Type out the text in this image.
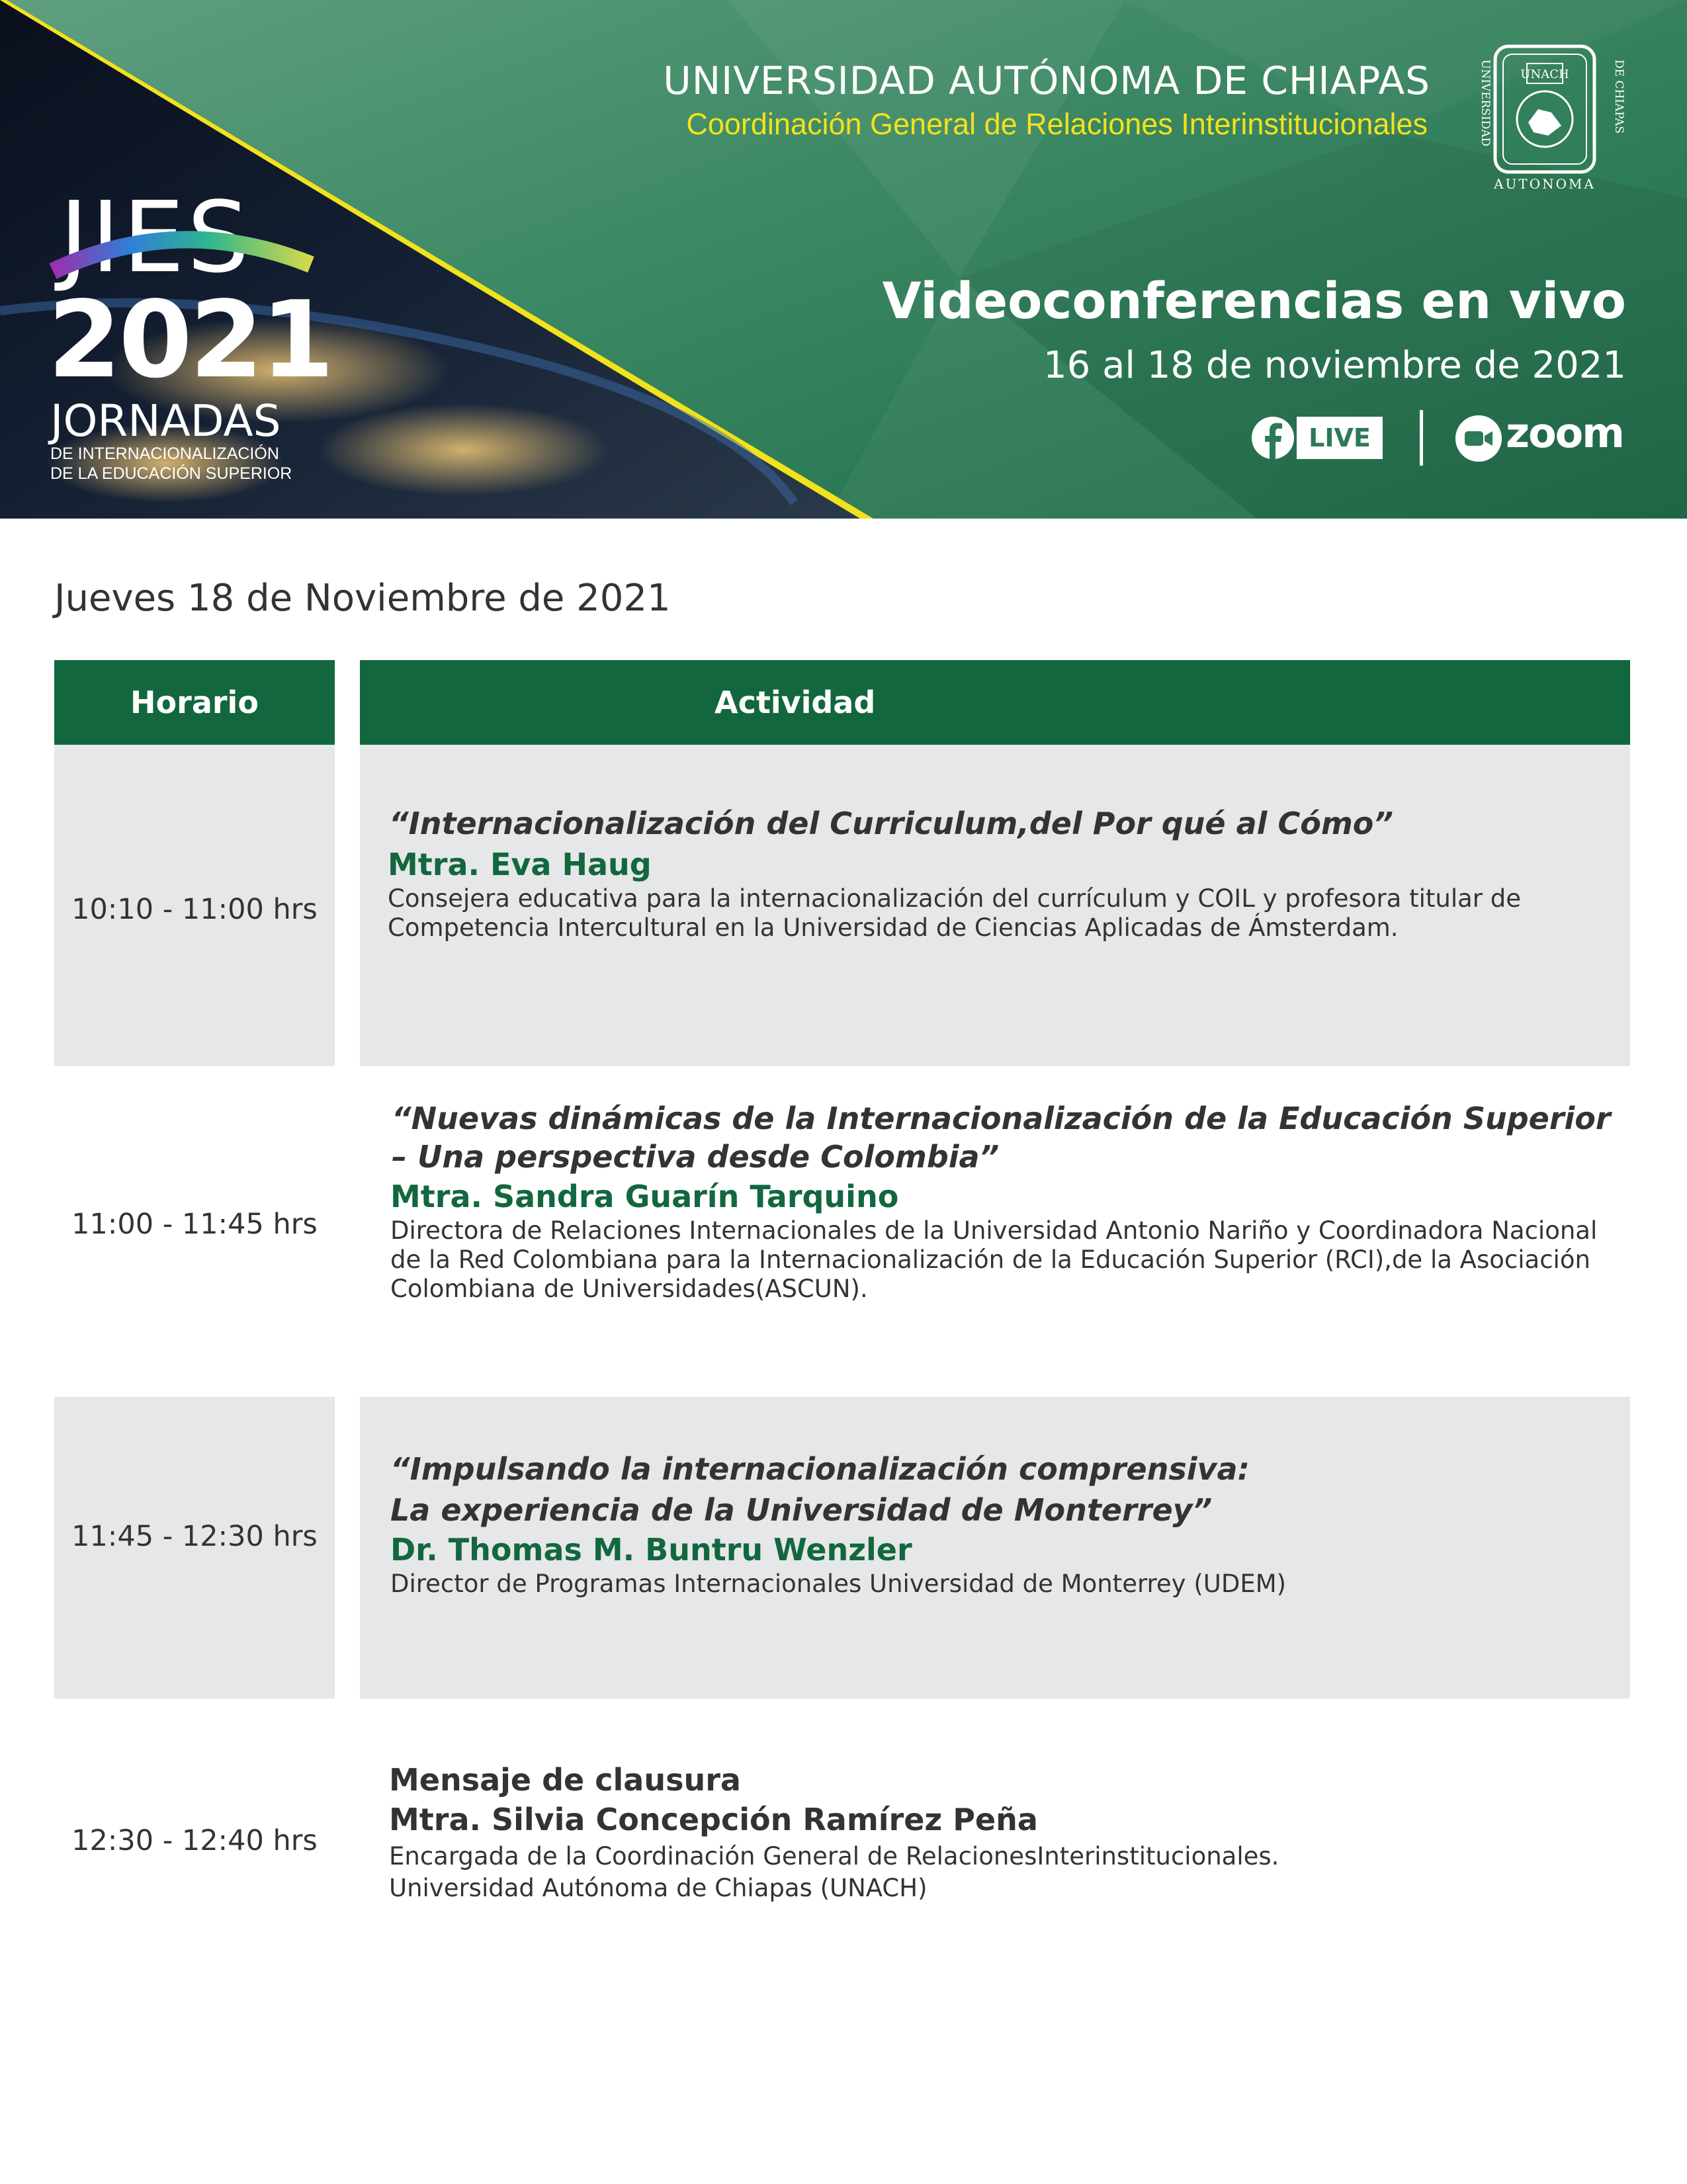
UNIVERSIDAD AUTÓNOMA DE CHIAPAS
Coordinación General de Relaciones Interinstitucionales
UNACH
AUTONOMA
UNIVERSIDAD	DE CHIAPAS
JIES
2021
JORNADAS
DE INTERNACIONALIZACIÓN
DE LA EDUCACIÓN SUPERIOR
Videoconferencias en vivo
16 al 18 de noviembre de 2021
LIVE	zoom
Jueves 18 de Noviembre de 2021
Horario	Actividad
10:10 - 11:00 hrs
“Internacionalización del Curriculum,del Por qué al Cómo”
Mtra. Eva Haug
Consejera educativa para la internacionalización del currículum y COIL y profesora titular de
Competencia Intercultural en la Universidad de Ciencias Aplicadas de Ámsterdam.
11:00 - 11:45 hrs
“Nuevas dinámicas de la Internacionalización de la Educación Superior
– Una perspectiva desde Colombia”
Mtra. Sandra Guarín Tarquino
Directora de Relaciones Internacionales de la Universidad Antonio Nariño y Coordinadora Nacional
de la Red Colombiana para la Internacionalización de la Educación Superior (RCI),de la Asociación
Colombiana de Universidades(ASCUN).
11:45 - 12:30 hrs
“Impulsando la internacionalización comprensiva:
La experiencia de la Universidad de Monterrey”
Dr. Thomas M. Buntru Wenzler
Director de Programas Internacionales Universidad de Monterrey (UDEM)
12:30 - 12:40 hrs
Mensaje de clausura
Mtra. Silvia Concepción Ramírez Peña
Encargada de la Coordinación General de RelacionesInterinstitucionales.
Universidad Autónoma de Chiapas (UNACH)
